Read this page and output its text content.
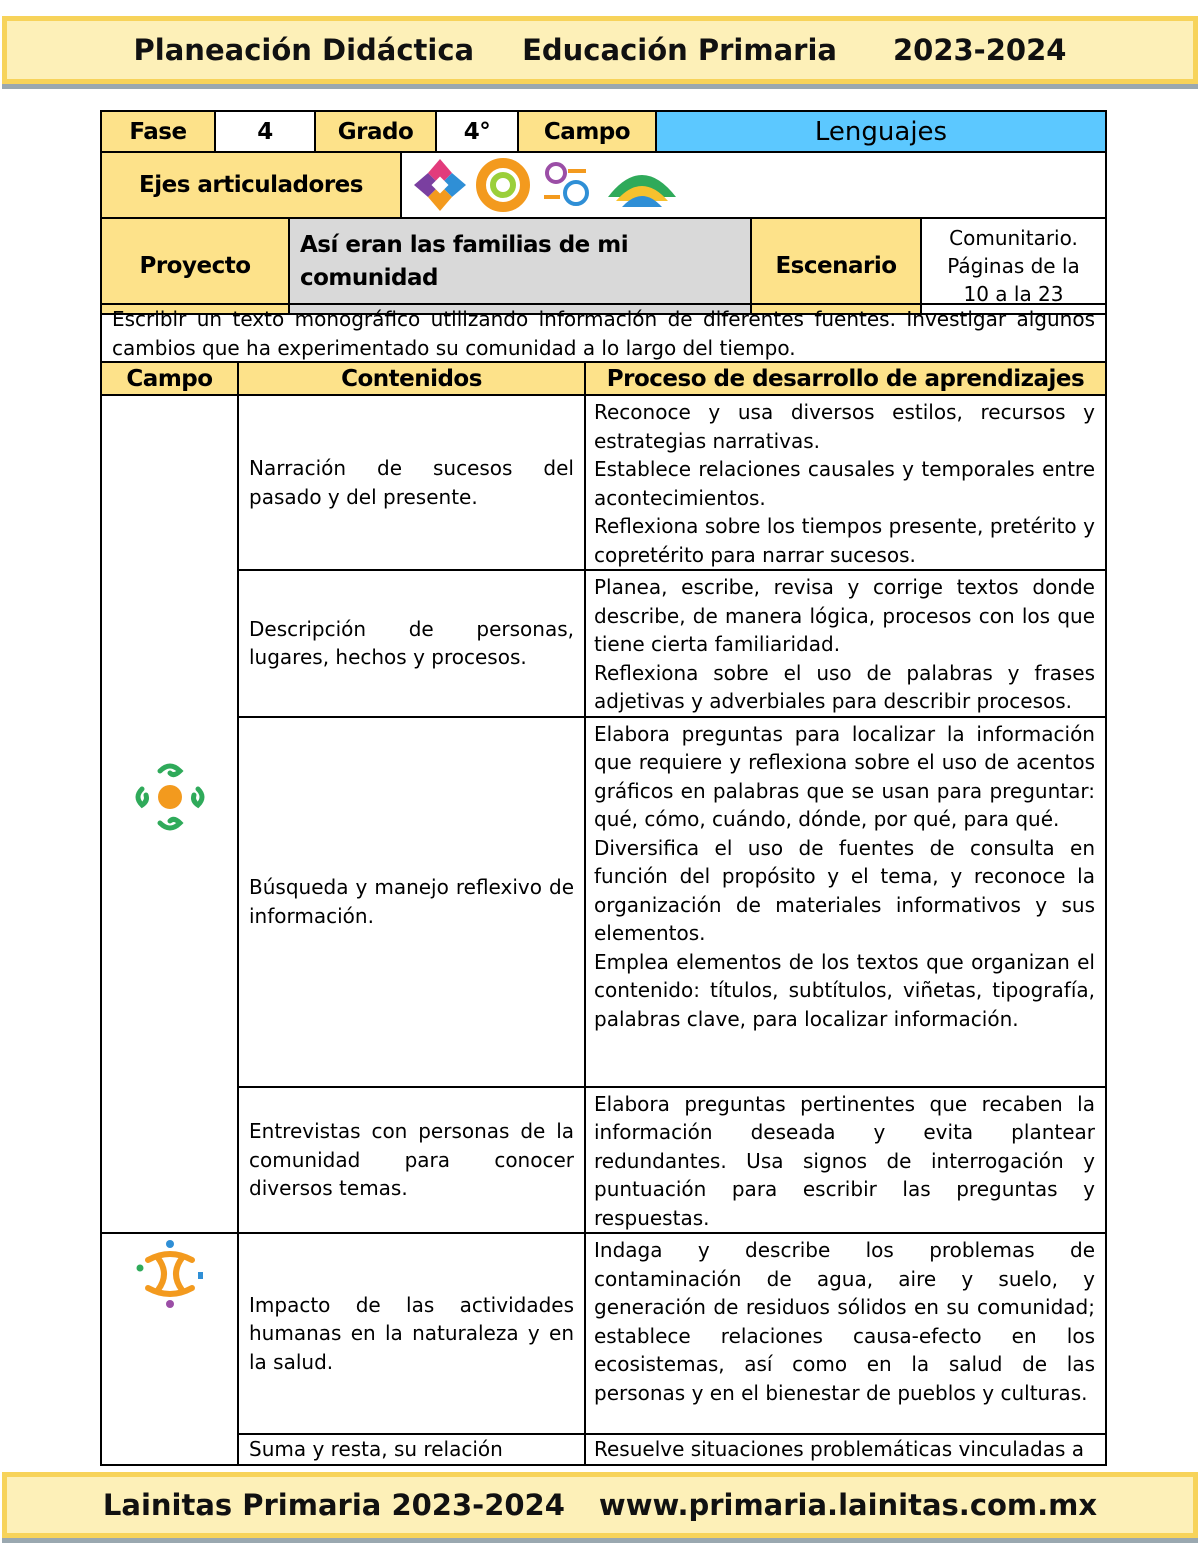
Planeación Didáctica Educación Primaria 2023-2024
Fase	4	Grado	4°	Campo	Lenguajes
Ejes articuladores	
Proyecto	Así eran las familias de mi comunidad	Escenario	Comunitario. Páginas de la 10 a la 23
Escribir un texto monográfico utilizando información de diferentes fuentes. Investigar algunos cambios que ha experimentado su comunidad a lo largo del tiempo.
Campo	Contenidos	Proceso de desarrollo de aprendizajes
	Narración de sucesos del pasado y del presente.	Reconoce y usa diversos estilos, recursos y estrategias narrativas.
Establece relaciones causales y temporales entre acontecimientos.
Reflexiona sobre los tiempos presente, pretérito y copretérito para narrar sucesos.
	Descripción de personas, lugares, hechos y procesos.	Planea, escribe, revisa y corrige textos donde describe, de manera lógica, procesos con los que tiene cierta familiaridad.
Reflexiona sobre el uso de palabras y frases adjetivas y adverbiales para describir procesos.
	Búsqueda y manejo reflexivo de información.	Elabora preguntas para localizar la información que requiere y reflexiona sobre el uso de acentos gráficos en palabras que se usan para preguntar: qué, cómo, cuándo, dónde, por qué, para qué.
Diversifica el uso de fuentes de consulta en función del propósito y el tema, y reconoce la organización de materiales informativos y sus elementos.
Emplea elementos de los textos que organizan el contenido: títulos, subtítulos, viñetas, tipografía, palabras clave, para localizar información.
	Entrevistas con personas de la comunidad para conocer diversos temas.	Elabora preguntas pertinentes que recaben la información deseada y evita plantear redundantes. Usa signos de interrogación y puntuación para escribir las preguntas y respuestas.
	Impacto de las actividades humanas en la naturaleza y en la salud.	Indaga y describe los problemas de contaminación de agua, aire y suelo, y generación de residuos sólidos en su comunidad; establece relaciones causa-efecto en los ecosistemas, así como en la salud de las personas y en el bienestar de pueblos y culturas.
	Suma y resta, su relación	Resuelve situaciones problemáticas vinculadas a
Lainitas Primaria 2023-2024 www.primaria.lainitas.com.mx
